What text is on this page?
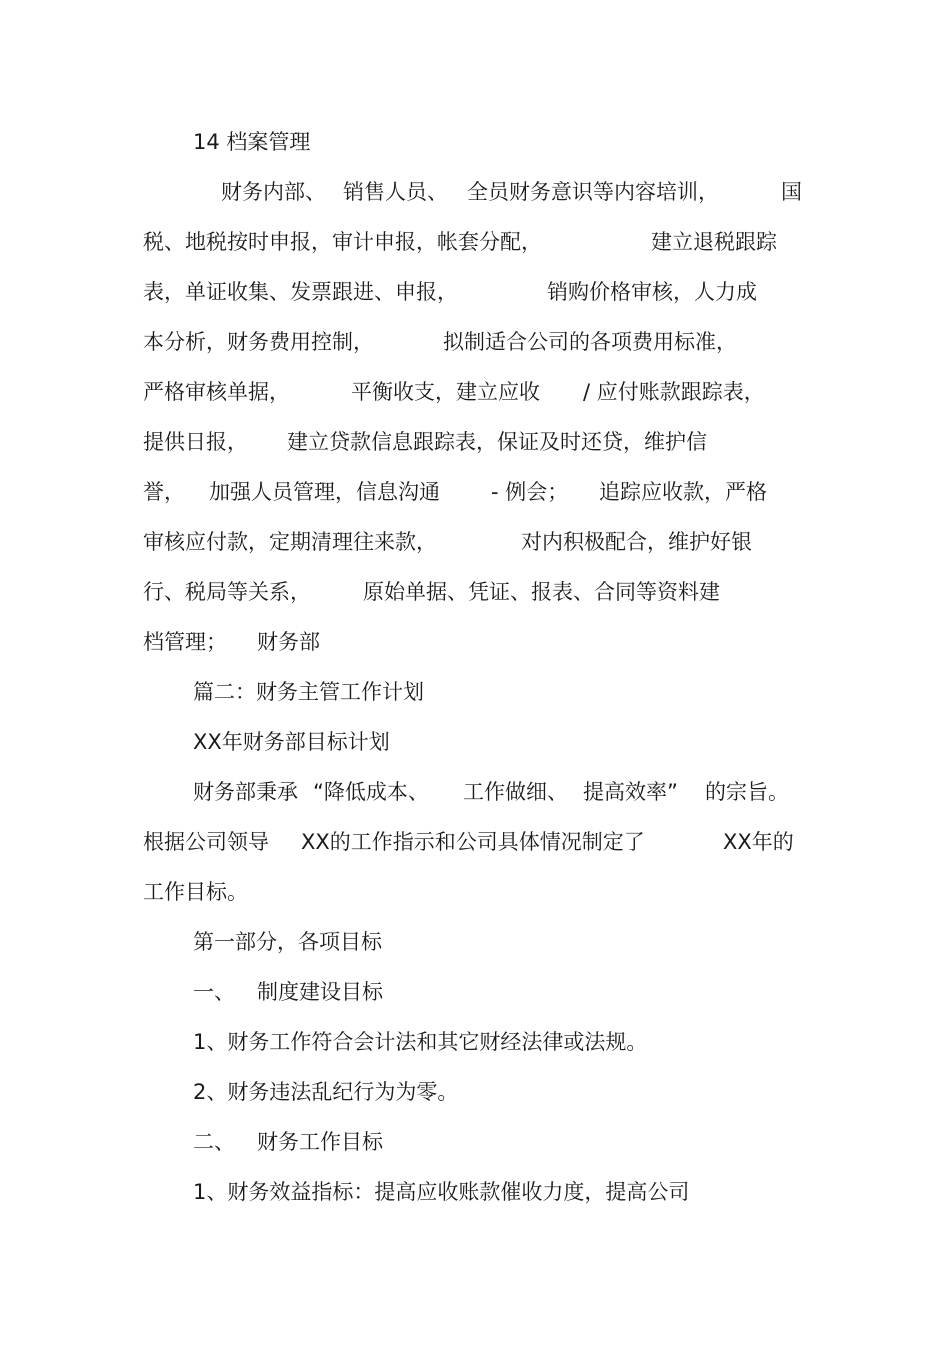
14 档案管理
财务内部、 销售人员、 全员财务意识等内容培训，	国
税、地税按时申报，审计申报，帐套分配，	建立退税跟踪
表，单证收集、发票跟进、申报，	销购价格审核，人力成
本分析，财务费用控制，	拟制适合公司的各项费用标准，
严格审核单据，	平衡收支，建立应收 / 应付账款跟踪表，
提供日报， 建立贷款信息跟踪表，保证及时还贷，维护信
誉， 加强人员管理，信息沟通 - 例会； 追踪应收款，严格
审核应付款，定期清理往来款，	对内积极配合，维护好银
行、税局等关系， 原始单据、凭证、报表、合同等资料建
档管理； 财务部
篇二：财务主管工作计划
XX年财务部目标计划
财务部秉承 “降低成本、 工作做细、 提高效率” 的宗旨。
根据公司领导 XX的工作指示和公司具体情况制定了	XX年的
工作目标。
第一部分，各项目标
一、 制度建设目标
1、财务工作符合会计法和其它财经法律或法规。
2、财务违法乱纪行为为零。
二、 财务工作目标
1、财务效益指标：提高应收账款催收力度，提高公司
